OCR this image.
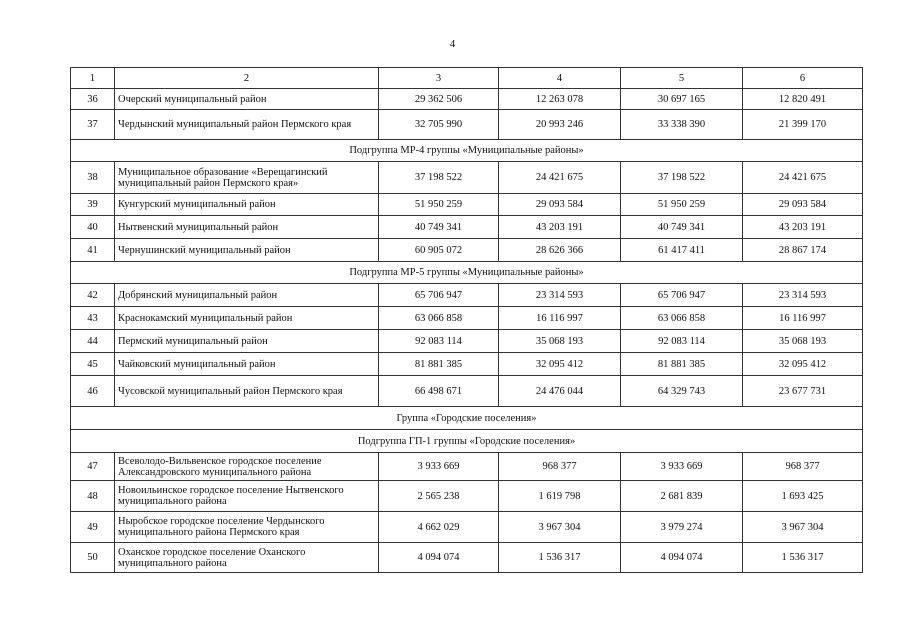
4
1	2	3	4	5	6
36	Очерский муниципальный район	29 362 506	12 263 078	30 697 165	12 820 491
37	Чердынский муниципальный район Пермского края	32 705 990	20 993 246	33 338 390	21 399 170
Подгруппа МР-4 группы «Муниципальные районы»					
38	Муниципальное образование «Верещагинский муниципальный район Пермского края»	37 198 522	24 421 675	37 198 522	24 421 675
39	Кунгурский муниципальный район	51 950 259	29 093 584	51 950 259	29 093 584
40	Нытвенский муниципальный район	40 749 341	43 203 191	40 749 341	43 203 191
41	Чернушинский муниципальный район	60 905 072	28 626 366	61 417 411	28 867 174
Подгруппа МР-5 группы «Муниципальные районы»					
42	Добрянский муниципальный район	65 706 947	23 314 593	65 706 947	23 314 593
43	Краснокамский муниципальный район	63 066 858	16 116 997	63 066 858	16 116 997
44	Пермский муниципальный район	92 083 114	35 068 193	92 083 114	35 068 193
45	Чайковский муниципальный район	81 881 385	32 095 412	81 881 385	32 095 412
46	Чусовской муниципальный район Пермского края	66 498 671	24 476 044	64 329 743	23 677 731
Группа «Городские поселения»					
Подгруппа ГП-1 группы «Городские поселения»					
47	Всеволодо-Вильвенское городское поселение Александровского муниципального района	3 933 669	968 377	3 933 669	968 377
48	Новоильинское городское поселение Нытвенского муниципального района	2 565 238	1 619 798	2 681 839	1 693 425
49	Ныробское городское поселение Чердынского муниципального района Пермского края	4 662 029	3 967 304	3 979 274	3 967 304
50	Оханское городское поселение Оханского муниципального района	4 094 074	1 536 317	4 094 074	1 536 317
